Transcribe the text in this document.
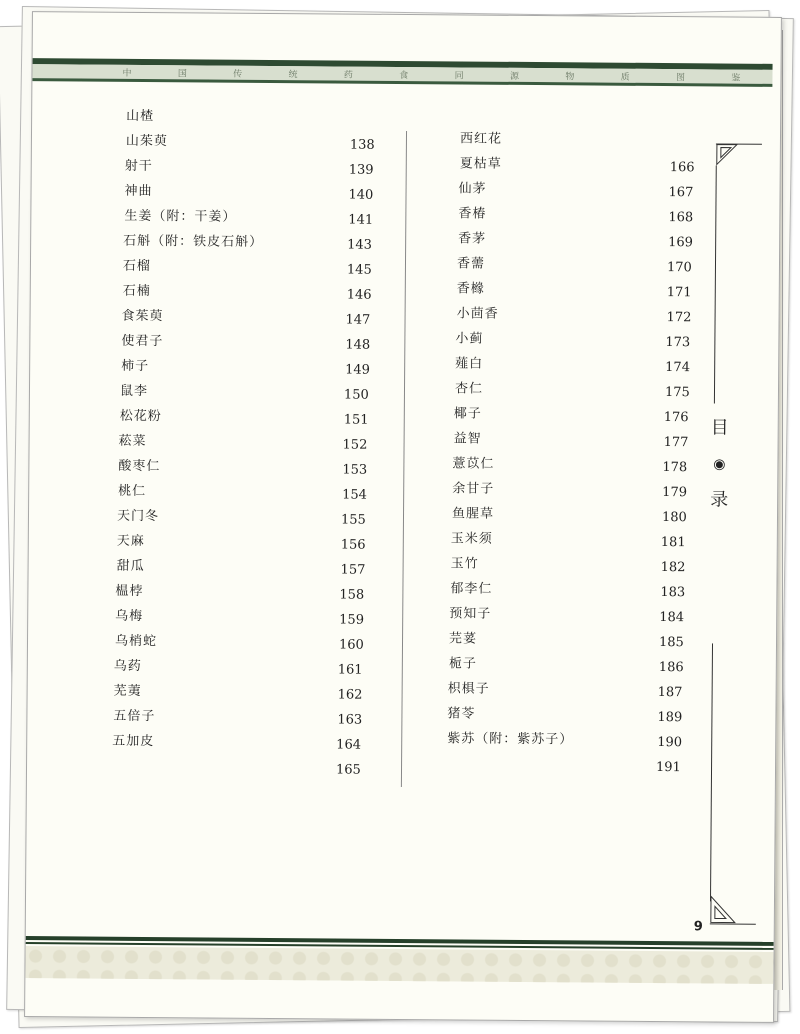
中	国	传	统	药	食	同	源	物	质	图	鉴
山楂
山茱萸	138
射干	139
神曲	140
生姜（附：干姜）	141
石斛（附：铁皮石斛）	143
石榴	145
石楠	146
食茱萸	147
使君子	148
柿子	149
鼠李	150
松花粉	151
菘菜	152
酸枣仁	153
桃仁	154
天门冬	155
天麻	156
甜瓜	157
榅桲	158
乌梅	159
乌梢蛇	160
乌药	161
芜荑	162
五倍子	163
五加皮	164
165
西红花
夏枯草	166
仙茅	167
香椿	168
香茅	169
香薷	170
香橼	171
小茴香	172
小蓟	173
薤白	174
杏仁	175
椰子	176
益智	177
薏苡仁	178
余甘子	179
鱼腥草	180
玉米须	181
玉竹	182
郁李仁	183
预知子	184
芫荽	185
栀子	186
枳椇子	187
猪苓	189
紫苏（附：紫苏子）	190
191
目
◉
录
9
